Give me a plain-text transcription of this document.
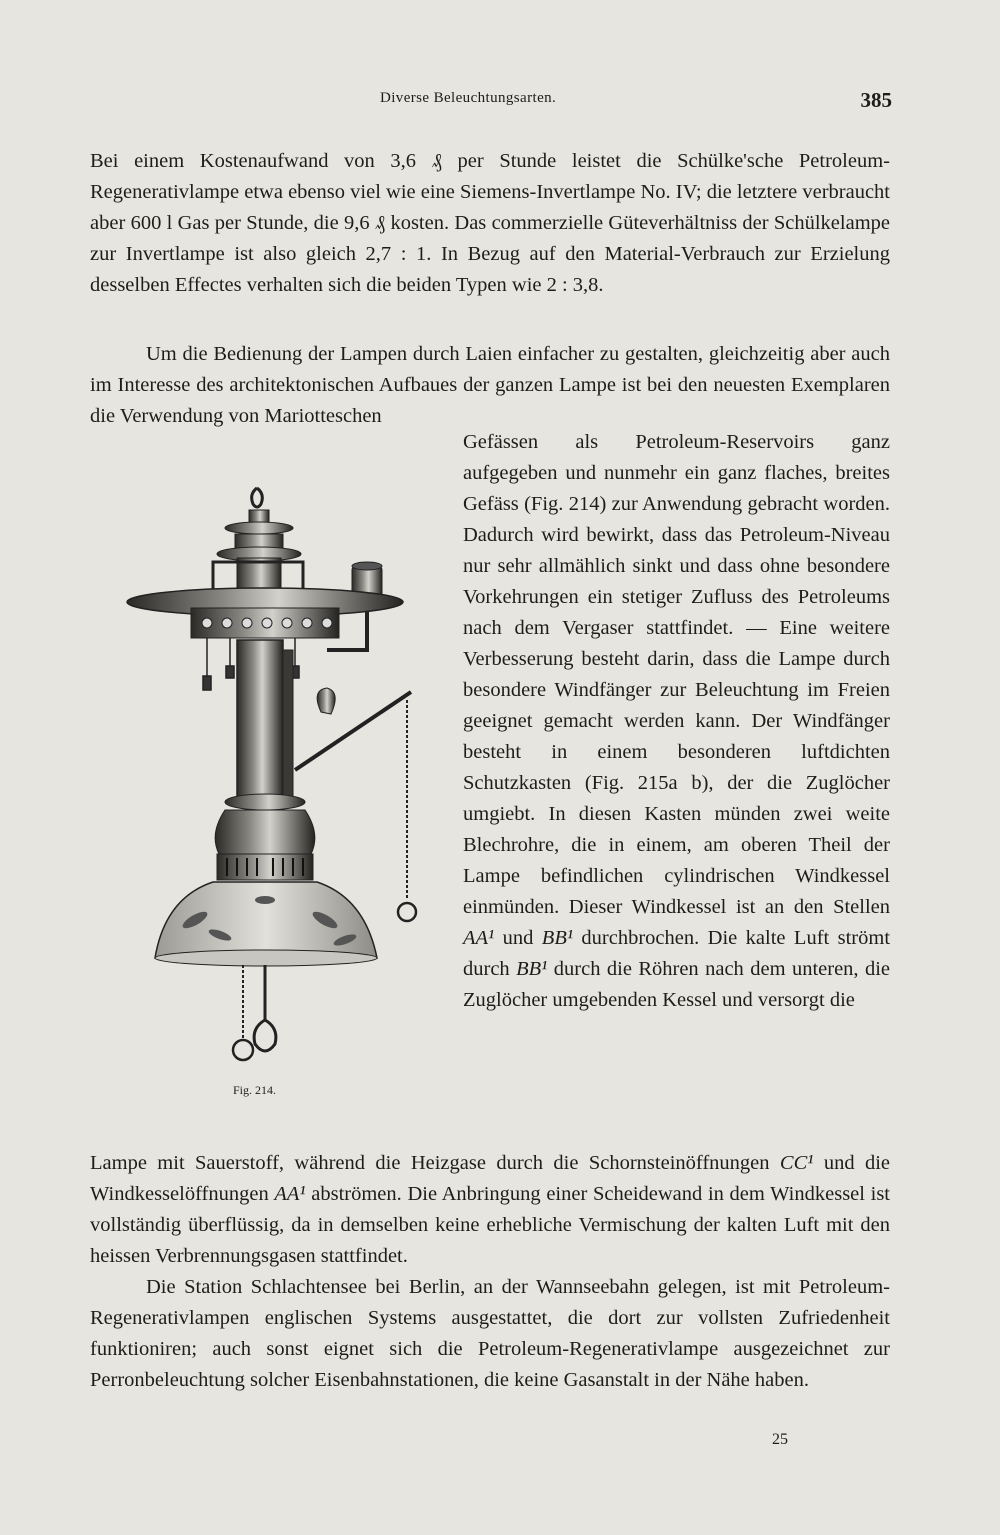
Diverse Beleuchtungsarten.	385

Bei einem Kostenaufwand von 3,6 ₰ per Stunde leistet die Schülke'sche Petroleum-Regenerativlampe etwa ebenso viel wie eine Siemens-Invertlampe No. IV; die letztere verbraucht aber 600 l Gas per Stunde, die 9,6 ₰ kosten. Das commerzielle Güteverhältniss der Schülkelampe zur Invertlampe ist also gleich 2,7 : 1. In Bezug auf den Material-Verbrauch zur Erzielung desselben Effectes verhalten sich die beiden Typen wie 2 : 3,8.

Um die Bedienung der Lampen durch Laien einfacher zu gestalten, gleichzeitig aber auch im Interesse des architektonischen Aufbaues der ganzen Lampe ist bei den neuesten Exemplaren die Verwendung von Mariotteschen

Gefässen als Petroleum-Reservoirs ganz aufgegeben und nunmehr ein ganz flaches, breites Gefäss (Fig. 214) zur Anwendung gebracht worden. Dadurch wird bewirkt, dass das Petroleum-Niveau nur sehr allmählich sinkt und dass ohne besondere Vorkehrungen ein stetiger Zufluss des Petroleums nach dem Vergaser stattfindet. — Eine weitere Verbesserung besteht darin, dass die Lampe durch besondere Windfänger zur Beleuchtung im Freien geeignet gemacht werden kann. Der Windfänger besteht in einem besonderen luftdichten Schutzkasten (Fig. 215a b), der die Zuglöcher umgiebt. In diesen Kasten münden zwei weite Blechrohre, die in einem, am oberen Theil der Lampe befindlichen cylindrischen Windkessel einmünden. Dieser Windkessel ist an den Stellen AA¹ und BB¹ durchbrochen. Die kalte Luft strömt durch BB¹ durch die Röhren nach dem unteren, die Zuglöcher umgebenden Kessel und versorgt die

Lampe mit Sauerstoff, während die Heizgase durch die Schornsteinöffnungen CC¹ und die Windkesselöffnungen AA¹ abströmen. Die Anbringung einer Scheidewand in dem Windkessel ist vollständig überflüssig, da in demselben keine erhebliche Vermischung der kalten Luft mit den heissen Verbrennungsgasen stattfindet.

Die Station Schlachtensee bei Berlin, an der Wannseebahn gelegen, ist mit Petroleum-Regenerativlampen englischen Systems ausgestattet, die dort zur vollsten Zufriedenheit funktioniren; auch sonst eignet sich die Petroleum-Regenerativlampe ausgezeichnet zur Perronbeleuchtung solcher Eisenbahnstationen, die keine Gasanstalt in der Nähe haben.

Fig. 214.
25
